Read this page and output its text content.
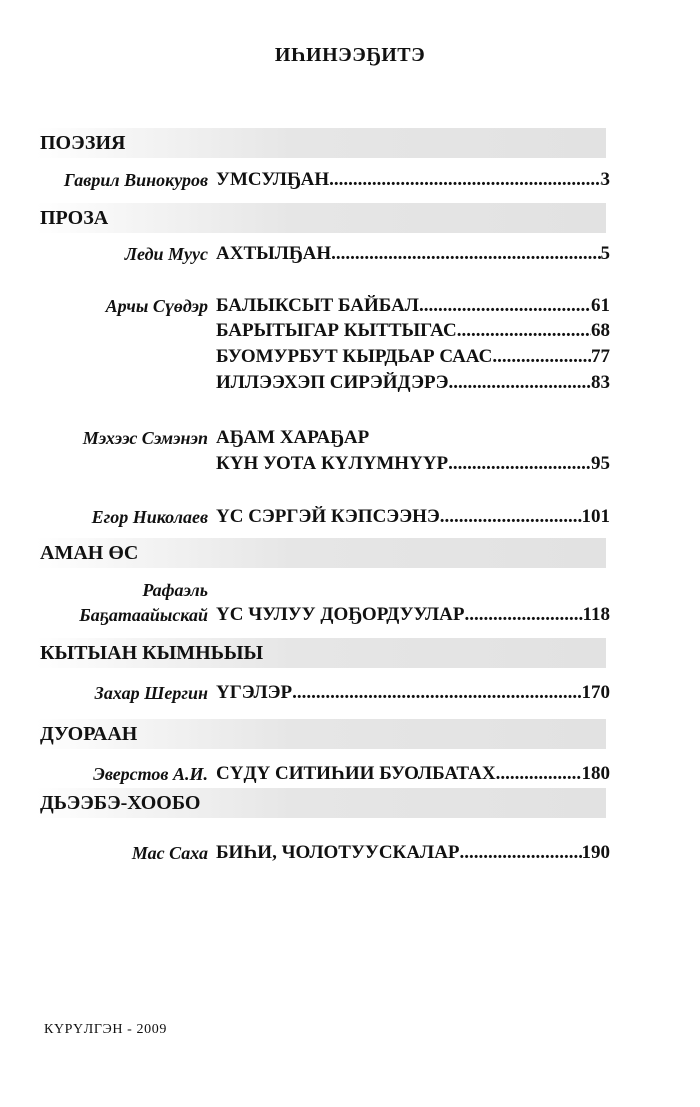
ИҺИНЭЭҔИТЭ
ПОЭЗИЯ
Гаврил Винокуров УМСУЛҔАН .....	3
ПРОЗА
Леди Муус АХТЫЛҔАН .....	5
Арчы Сүөдэр БАЛЫКСЫТ БАЙБАЛ .....	61
БАРЫТЫГАР КЫТТЫГАС .....	68
БУОМУРБУТ КЫРДЬАР СААС .....	77
ИЛЛЭЭХЭП СИРЭЙДЭРЭ .....	83
Мэхээс Сэмэнэп АҔАМ ХАРАҔАР
КҮН УОТА КҮЛҮМНҮҮР .....	95
Егор Николаев ҮС СЭРГЭЙ КЭПСЭЭНЭ .....	101
АМАН ӨС
Рафаэль
Баҕатаайыскай ҮС ЧУЛУУ ДОҔОРДУУЛАР .....	118
КЫТЫАН КЫМНЬЫЫ
Захар Шергин ҮГЭЛЭР .....	170
ДУОРААН
Эверстов А.И. СҮДҮ СИТИҺИИ БУОЛБАТАХ .....	180
ДЬЭЭБЭ-ХООБО
Мас Саха БИҺИ, ЧОЛОТУУСКАЛАР .....	190
КҮРҮЛГЭН - 2009
